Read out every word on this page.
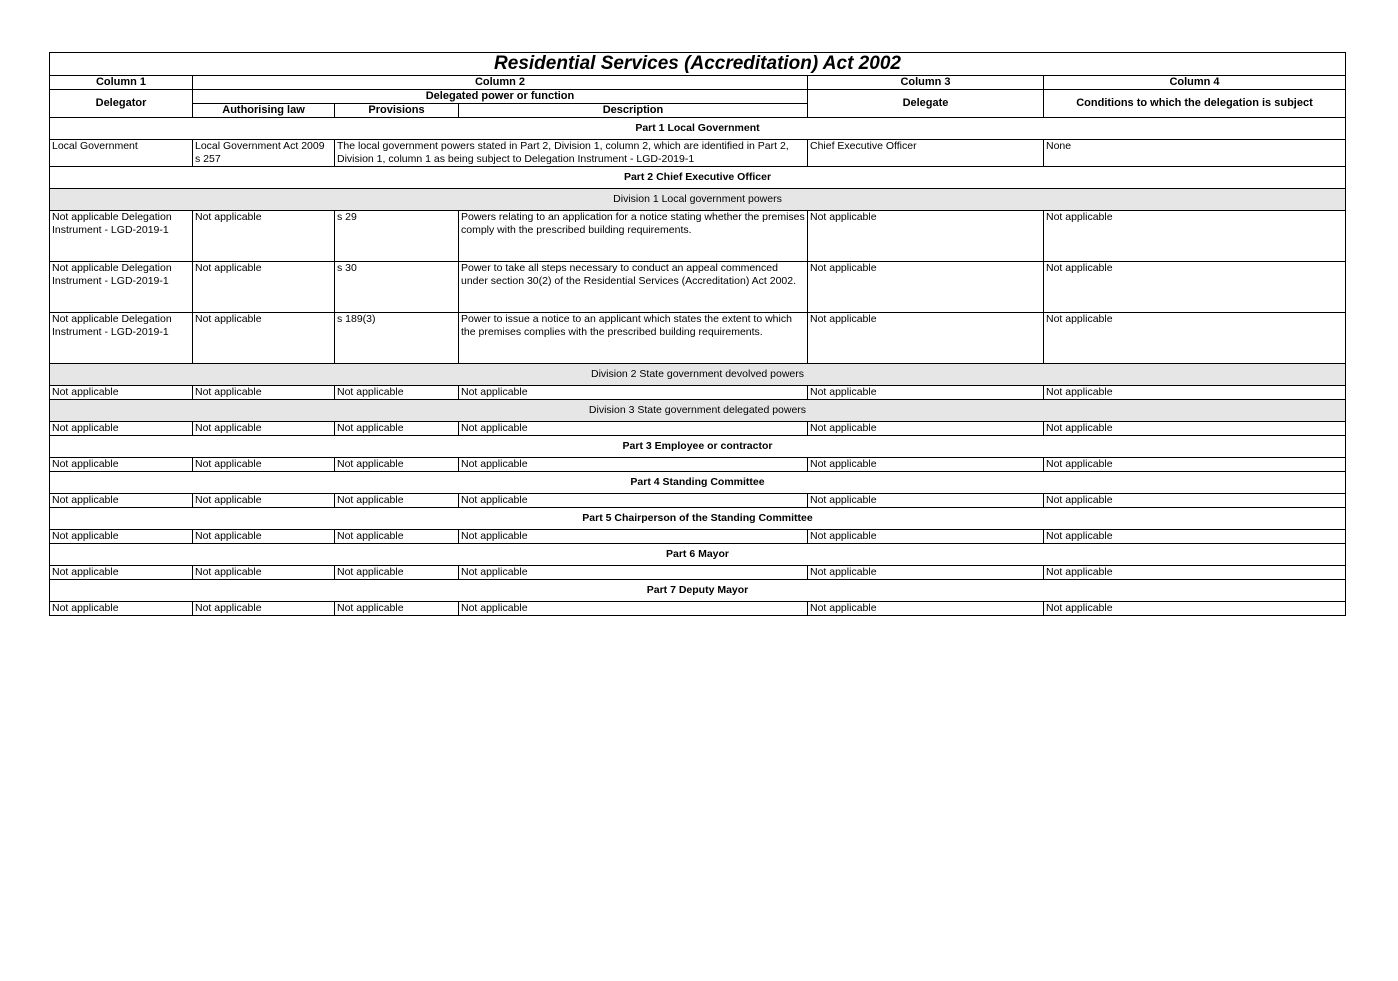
Residential Services (Accreditation) Act 2002					
Column 1	Column 2			Column 3	Column 4
Delegator	Delegated power or function			Delegate	Conditions to which the delegation is subject
	Authorising law	Provisions	Description		
Part 1 Local Government					
Local Government	Local Government Act 2009 s 257	The local government powers stated in Part 2, Division 1, column 2, which are identified in Part 2, Division 1, column 1 as being subject to Delegation Instrument - LGD-2019-1		Chief Executive Officer	None
Part 2 Chief Executive Officer					
Division 1 Local government powers					
Not applicable Delegation Instrument - LGD-2019-1	Not applicable	s 29	Powers relating to an application for a notice stating whether the premises comply with the prescribed building requirements.	Not applicable	Not applicable
Not applicable Delegation Instrument - LGD-2019-1	Not applicable	s 30	Power to take all steps necessary to conduct an appeal commenced under section 30(2) of the Residential Services (Accreditation) Act 2002.	Not applicable	Not applicable
Not applicable Delegation Instrument - LGD-2019-1	Not applicable	s 189(3)	Power to issue a notice to an applicant which states the extent to which the premises complies with the prescribed building requirements.	Not applicable	Not applicable
Division 2 State government devolved powers					
Not applicable	Not applicable	Not applicable	Not applicable	Not applicable	Not applicable
Division 3 State government delegated powers					
Not applicable	Not applicable	Not applicable	Not applicable	Not applicable	Not applicable
Part 3 Employee or contractor					
Not applicable	Not applicable	Not applicable	Not applicable	Not applicable	Not applicable
Part 4 Standing Committee					
Not applicable	Not applicable	Not applicable	Not applicable	Not applicable	Not applicable
Part 5 Chairperson of the Standing Committee					
Not applicable	Not applicable	Not applicable	Not applicable	Not applicable	Not applicable
Part 6 Mayor					
Not applicable	Not applicable	Not applicable	Not applicable	Not applicable	Not applicable
Part 7 Deputy Mayor					
Not applicable	Not applicable	Not applicable	Not applicable	Not applicable	Not applicable
